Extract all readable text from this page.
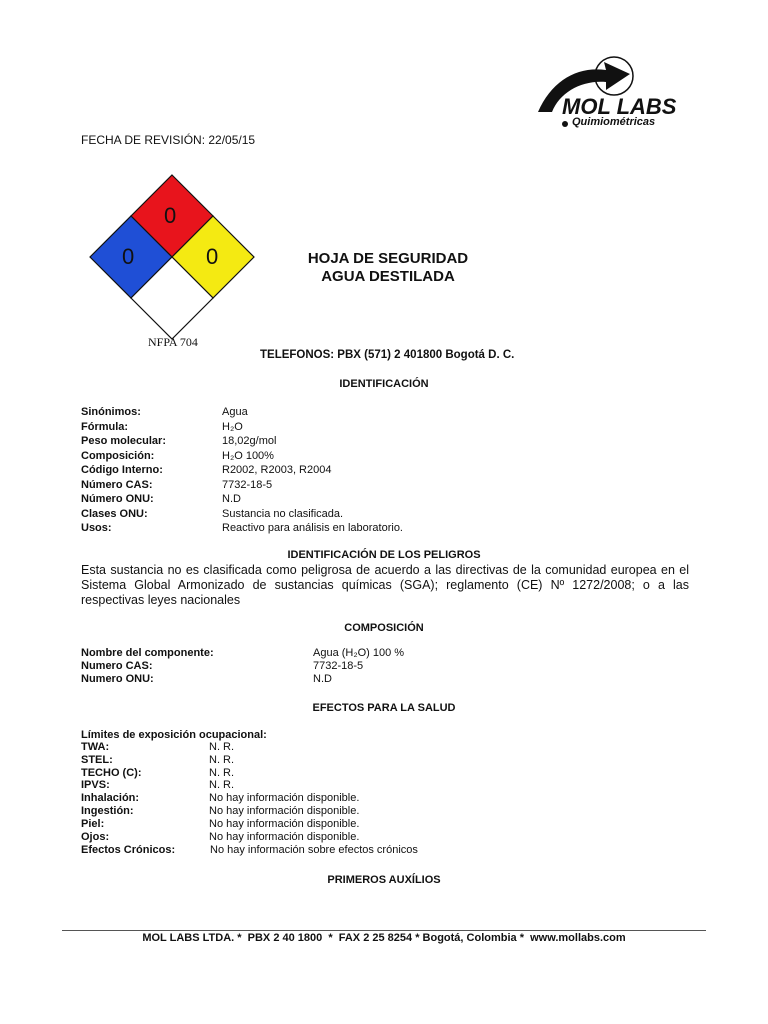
MOL LABS
Quimiométricas
FECHA DE REVISIÓN: 22/05/15
0
0
0
NFPA 704
HOJA DE SEGURIDAD
AGUA DESTILADA
TELEFONOS: PBX (571) 2 401800 Bogotá D. C.
IDENTIFICACIÓN
Sinónimos:	Agua
Fórmula:	H₂O
Peso molecular:	18,02g/mol
Composición:	H₂O 100%
Código Interno:	R2002, R2003, R2004
Número CAS:	7732-18-5
Número ONU:	N.D
Clases ONU:	Sustancia no clasificada.
Usos:	Reactivo para análisis en laboratorio.
IDENTIFICACIÓN DE LOS PELIGROS
Esta sustancia no es clasificada como peligrosa de acuerdo a las directivas de la comunidad europea en el Sistema Global Armonizado de sustancias químicas (SGA); reglamento (CE) Nº 1272/2008; o a las respectivas leyes nacionales
COMPOSICIÓN
Nombre del componente:	Agua (H₂O) 100 %
Numero CAS:	7732-18-5
Numero ONU:	N.D
EFECTOS PARA LA SALUD
Límites de exposición ocupacional:
TWA:	N. R.
STEL:	N. R.
TECHO (C):	N. R.
IPVS:	N. R.
Inhalación:	No hay información disponible.
Ingestión:	No hay información disponible.
Piel:	No hay información disponible.
Ojos:	No hay información disponible.
Efectos Crónicos:	No hay información sobre efectos crónicos
PRIMEROS AUXÍLIOS
MOL LABS LTDA. *  PBX 2 40 1800  *  FAX 2 25 8254 * Bogotá, Colombia *  www.mollabs.com
